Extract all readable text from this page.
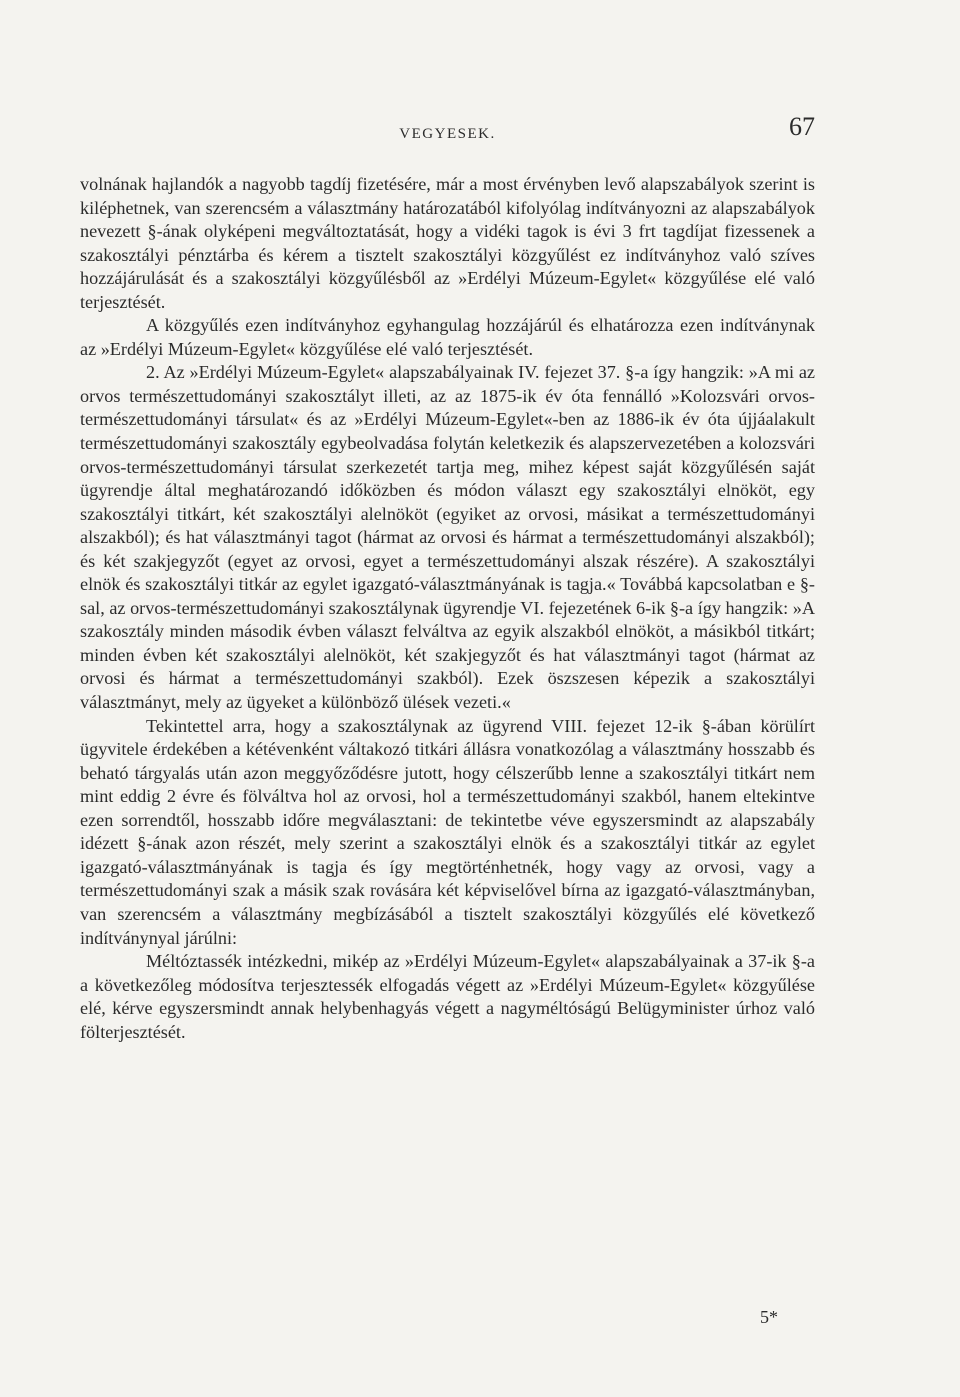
VEGYESEK.	67

volnának hajlandók a nagyobb tagdíj fizetésére, már a most érvényben levő alapszabályok szerint is kiléphetnek, van szerencsém a választmány határozatából kifolyólag indítványozni az alapszabályok nevezett §-ának olyképeni megváltoztatását, hogy a vidéki tagok is évi 3 frt tagdíjat fizessenek a szakosztályi pénztárba és kérem a tisztelt szakosztályi közgyűlést ez indítványhoz való szíves hozzájárulását és a szakosztályi közgyűlésből az »Erdélyi Múzeum-Egylet« közgyűlése elé való terjesztését.

A közgyűlés ezen indítványhoz egyhangulag hozzájárúl és elhatározza ezen indítványnak az »Erdélyi Múzeum-Egylet« közgyűlése elé való terjesztését.

2. Az »Erdélyi Múzeum-Egylet« alapszabályainak IV. fejezet 37. §-a így hangzik: »A mi az orvos természettudományi szakosztályt illeti, az az 1875-ik év óta fennálló »Kolozsvári orvos-természettudományi társulat« és az »Erdélyi Múzeum-Egylet«-ben az 1886-ik év óta újjáalakult természettudományi szakosztály egybeolvadása folytán keletkezik és alapszervezetében a kolozsvári orvos-természettudományi társulat szerkezetét tartja meg, mihez képest saját közgyűlésén saját ügyrendje által meghatározandó időközben és módon választ egy szakosztályi elnököt, egy szakosztályi titkárt, két szakosztályi alelnököt (egyiket az orvosi, másikat a természettudományi alszakból); és hat választmányi tagot (hármat az orvosi és hármat a természettudományi alszakból); és két szakjegyzőt (egyet az orvosi, egyet a természettudományi alszak részére). A szakosztályi elnök és szakosztályi titkár az egylet igazgató-választmányának is tagja.« Továbbá kapcsolatban e §-sal, az orvos-természettudományi szakosztálynak ügyrendje VI. fejezetének 6-ik §-a így hangzik: »A szakosztály minden második évben választ felváltva az egyik alszakból elnököt, a másikból titkárt; minden évben két szakosztályi alelnököt, két szakjegyzőt és hat választmányi tagot (hármat az orvosi és hármat a természettudományi szakból). Ezek öszszesen képezik a szakosztályi választmányt, mely az ügyeket a különböző ülések vezeti.«

Tekintettel arra, hogy a szakosztálynak az ügyrend VIII. fejezet 12-ik §-ában körülírt ügyvitele érdekében a kétévenként váltakozó titkári állásra vonatkozólag a választmány hosszabb és beható tárgyalás után azon meggyőződésre jutott, hogy célszerűbb lenne a szakosztályi titkárt nem mint eddig 2 évre és fölváltva hol az orvosi, hol a természettudományi szakból, hanem eltekintve ezen sorrendtől, hosszabb időre megválasztani: de tekintetbe véve egyszersmindt az alapszabály idézett §-ának azon részét, mely szerint a szakosztályi elnök és a szakosztályi titkár az egylet igazgató-választmányának is tagja és így megtörténhetnék, hogy vagy az orvosi, vagy a természettudományi szak a másik szak rovására két képviselővel bírna az igazgató-választmányban, van szerencsém a választmány megbízásából a tisztelt szakosztályi közgyűlés elé következő indítványnyal járúlni:

Méltóztassék intézkedni, mikép az »Erdélyi Múzeum-Egylet« alapszabályainak a 37-ik §-a a következőleg módosítva terjesztessék elfogadás végett az »Erdélyi Múzeum-Egylet« közgyűlése elé, kérve egyszersmindt annak helybenhagyás végett a nagyméltóságú Belügyminister úrhoz való fölterjesztését.

5*
